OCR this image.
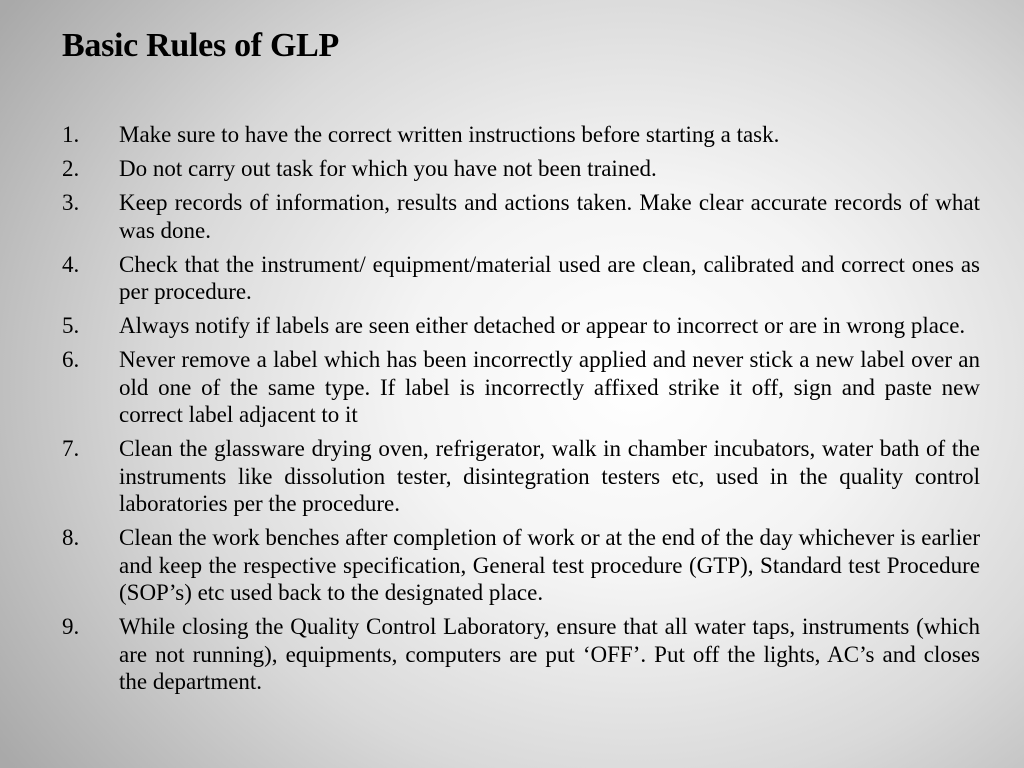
Basic Rules of GLP
1.	Make sure to have the correct written instructions before starting a task.
2.	Do not carry out task for which you have not been trained.
3.	Keep records of information, results and actions taken. Make clear accurate records of what was done.
4.	Check that the instrument/ equipment/material used are clean, calibrated and correct ones as per procedure.
5.	Always notify if labels are seen either detached or appear to incorrect or are in wrong place.
6.	Never remove a label which has been incorrectly applied and never stick a new label over an old one of the same type. If label is incorrectly affixed strike it off, sign and paste new correct label adjacent to it
7.	Clean the glassware drying oven, refrigerator, walk in chamber incubators, water bath of the instruments like dissolution tester, disintegration testers etc, used in the quality control laboratories per the procedure.
8.	Clean the work benches after completion of work or at the end of the day whichever is earlier and keep the respective specification, General test procedure (GTP), Standard test Procedure (SOP’s) etc used back to the designated place.
9.	While closing the Quality Control Laboratory, ensure that all water taps, instruments (which are not running), equipments, computers are put ‘OFF’. Put off the lights, AC’s and closes the department.
